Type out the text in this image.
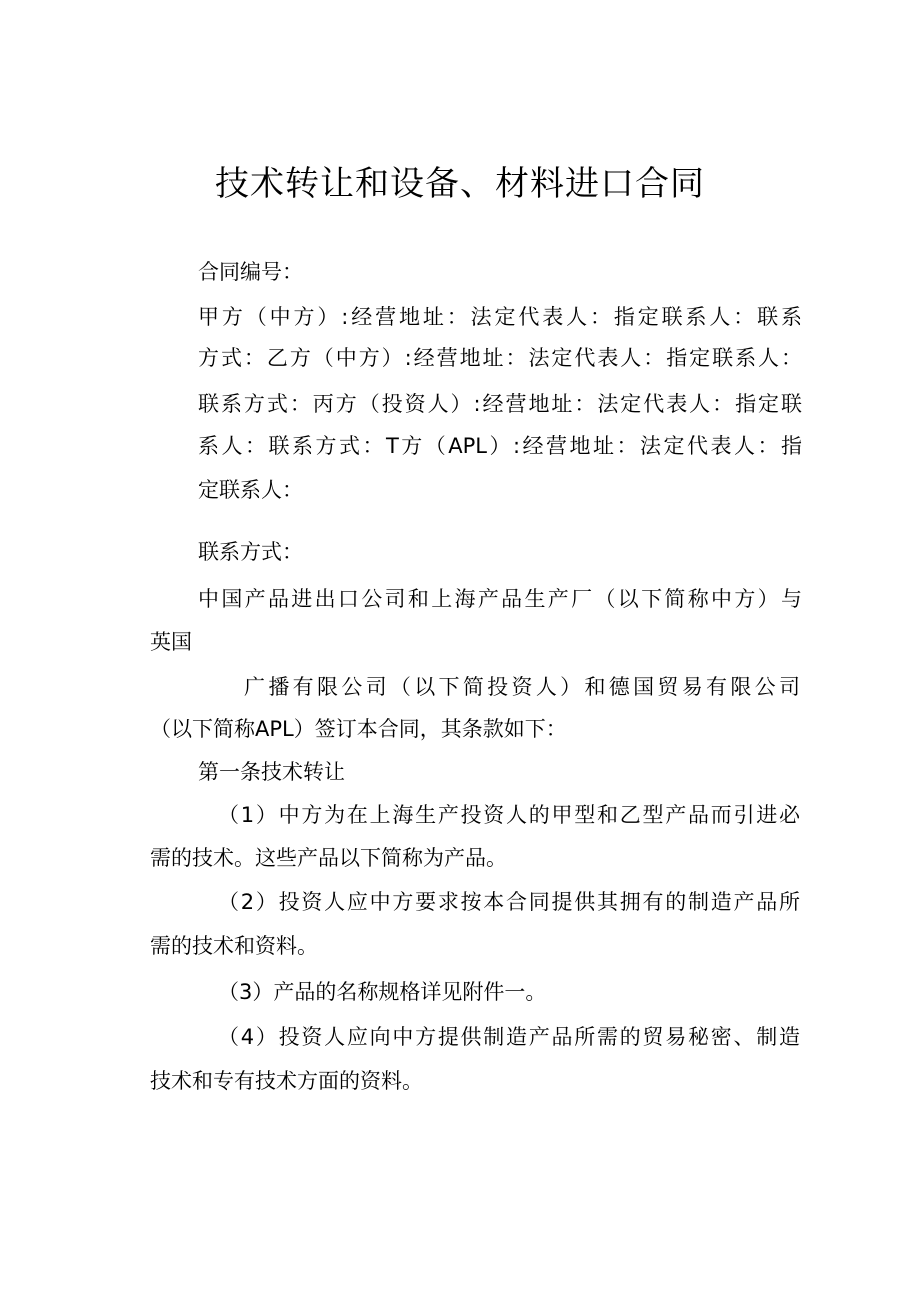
技术转让和设备、材料进口合同

合同编号：

甲方（中方）:经营地址：法定代表人：指定联系人：联系

方式：乙方（中方）:经营地址：法定代表人：指定联系人：

联系方式：丙方（投资人）:经营地址：法定代表人：指定联

系人：联系方式：T方（APL）:经营地址：法定代表人：指

定联系人：

联系方式：

中国产品进出口公司和上海产品生产厂（以下简称中方）与

英国

广播有限公司（以下简投资人）和德国贸易有限公司

（以下简称APL）签订本合同，其条款如下：

第一条技术转让

（1）中方为在上海生产投资人的甲型和乙型产品而引进必

需的技术。这些产品以下简称为产品。

（2）投资人应中方要求按本合同提供其拥有的制造产品所

需的技术和资料。

（3）产品的名称规格详见附件一。

（4）投资人应向中方提供制造产品所需的贸易秘密、制造

技术和专有技术方面的资料。
